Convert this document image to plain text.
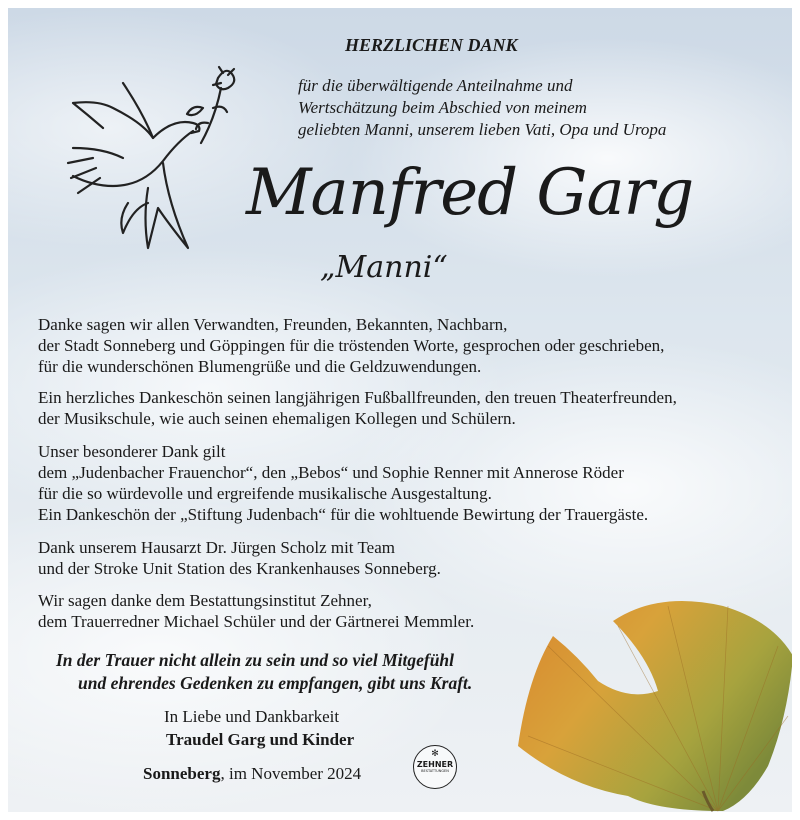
HERZLICHEN DANK
für die überwältigende Anteilnahme und
Wertschätzung beim Abschied von meinem
geliebten Manni, unserem lieben Vati, Opa und Uropa
Manfred Garg
„Manni“
Danke sagen wir allen Verwandten, Freunden, Bekannten, Nachbarn,
der Stadt Sonneberg und Göppingen für die tröstenden Worte, gesprochen oder geschrieben,
für die wunderschönen Blumengrüße und die Geldzuwendungen.
Ein herzliches Dankeschön seinen langjährigen Fußballfreunden, den treuen Theaterfreunden,
der Musikschule, wie auch seinen ehemaligen Kollegen und Schülern.
Unser besonderer Dank gilt
dem „Judenbacher Frauenchor“, den „Bebos“ und Sophie Renner mit Annerose Röder
für die so würdevolle und ergreifende musikalische Ausgestaltung.
Ein Dankeschön der „Stiftung Judenbach“ für die wohltuende Bewirtung der Trauergäste.
Dank unserem Hausarzt Dr. Jürgen Scholz mit Team
und der Stroke Unit Station des Krankenhauses Sonneberg.
Wir sagen danke dem Bestattungsinstitut Zehner,
dem Trauerredner Michael Schüler und der Gärtnerei Memmler.
In der Trauer nicht allein zu sein und so viel Mitgefühl
und ehrendes Gedenken zu empfangen, gibt uns Kraft.
In Liebe und Dankbarkeit
Traudel Garg und Kinder
Sonneberg, im November 2024
✻
ZEHNER
BESTATTUNGEN
